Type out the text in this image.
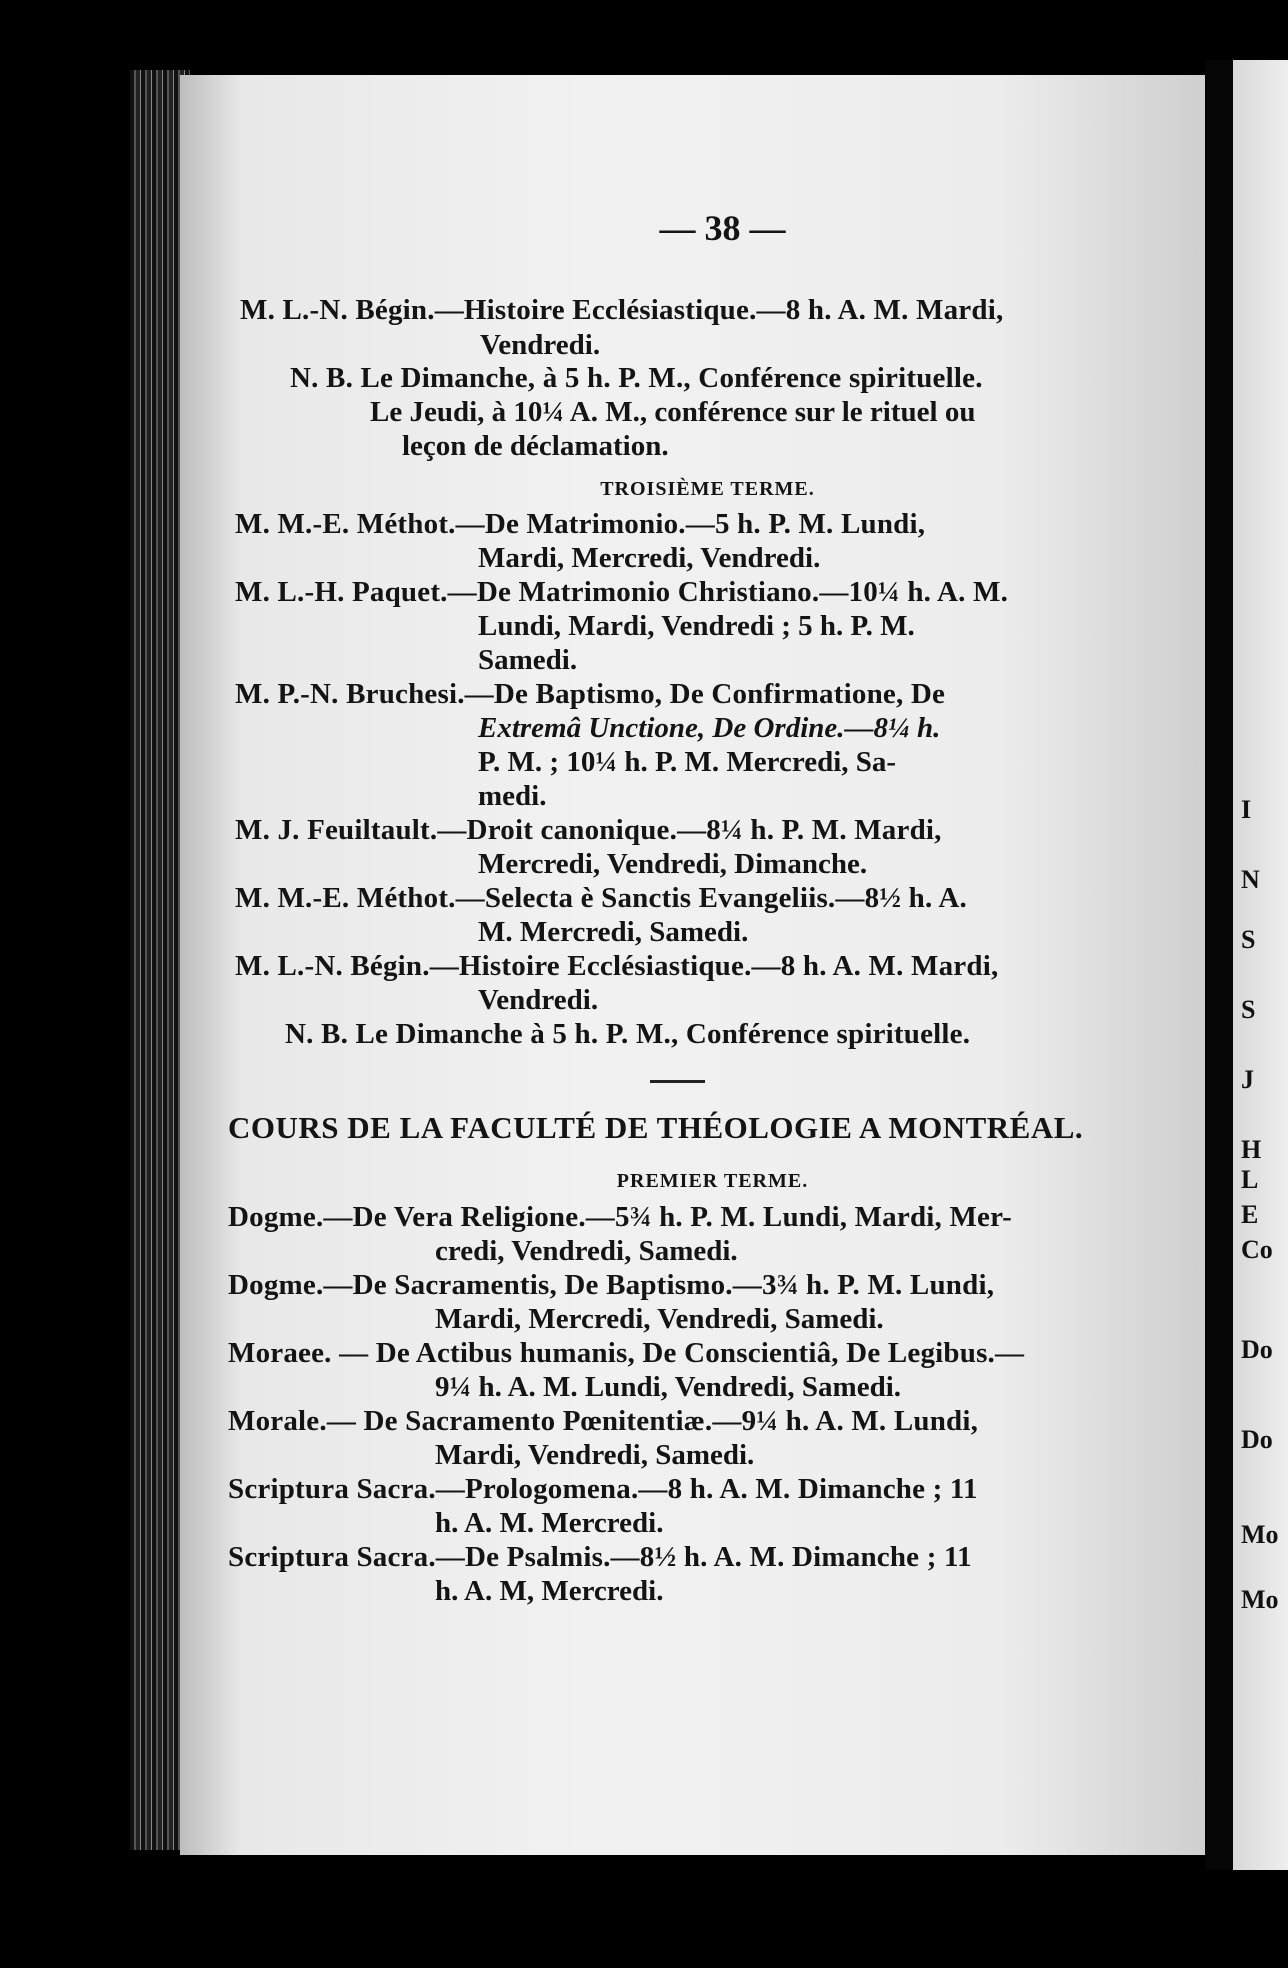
— 38 —
M. L.-N. Bégin.—Histoire Ecclésiastique.—8 h. A. M. Mardi,
Vendredi.
N. B. Le Dimanche, à 5 h. P. M., Conférence spirituelle.
Le Jeudi, à 10¼ A. M., conférence sur le rituel ou
leçon de déclamation.
TROISIÈME TERME.
M. M.-E. Méthot.—De Matrimonio.—5 h. P. M. Lundi,
Mardi, Mercredi, Vendredi.
M. L.-H. Paquet.—De Matrimonio Christiano.—10¼ h. A. M.
Lundi, Mardi, Vendredi ; 5 h. P. M.
Samedi.
M. P.-N. Bruchesi.—De Baptismo, De Confirmatione, De
Extremâ Unctione, De Ordine.—8¼ h.
P. M. ; 10¼ h. P. M. Mercredi, Sa-
medi.
M. J. Feuiltault.—Droit canonique.—8¼ h. P. M. Mardi,
Mercredi, Vendredi, Dimanche.
M. M.-E. Méthot.—Selecta è Sanctis Evangeliis.—8½ h. A.
M. Mercredi, Samedi.
M. L.-N. Bégin.—Histoire Ecclésiastique.—8 h. A. M. Mardi,
Vendredi.
N. B. Le Dimanche à 5 h. P. M., Conférence spirituelle.
COURS DE LA FACULTÉ DE THÉOLOGIE A MONTRÉAL.
PREMIER TERME.
Dogme.—De Vera Religione.—5¾ h. P. M. Lundi, Mardi, Mer-
credi, Vendredi, Samedi.
Dogme.—De Sacramentis, De Baptismo.—3¾ h. P. M. Lundi,
Mardi, Mercredi, Vendredi, Samedi.
Moraee. — De Actibus humanis, De Conscientiâ, De Legibus.—
9¼ h. A. M. Lundi, Vendredi, Samedi.
Morale.— De Sacramento Pœnitentiæ.—9¼ h. A. M. Lundi,
Mardi, Vendredi, Samedi.
Scriptura Sacra.—Prologomena.—8 h. A. M. Dimanche ; 11
h. A. M. Mercredi.
Scriptura Sacra.—De Psalmis.—8½ h. A. M. Dimanche ; 11
h. A. M, Mercredi.
I
N
S
S
J
H
L
E
Co
Do
Do
Mo
Mo
